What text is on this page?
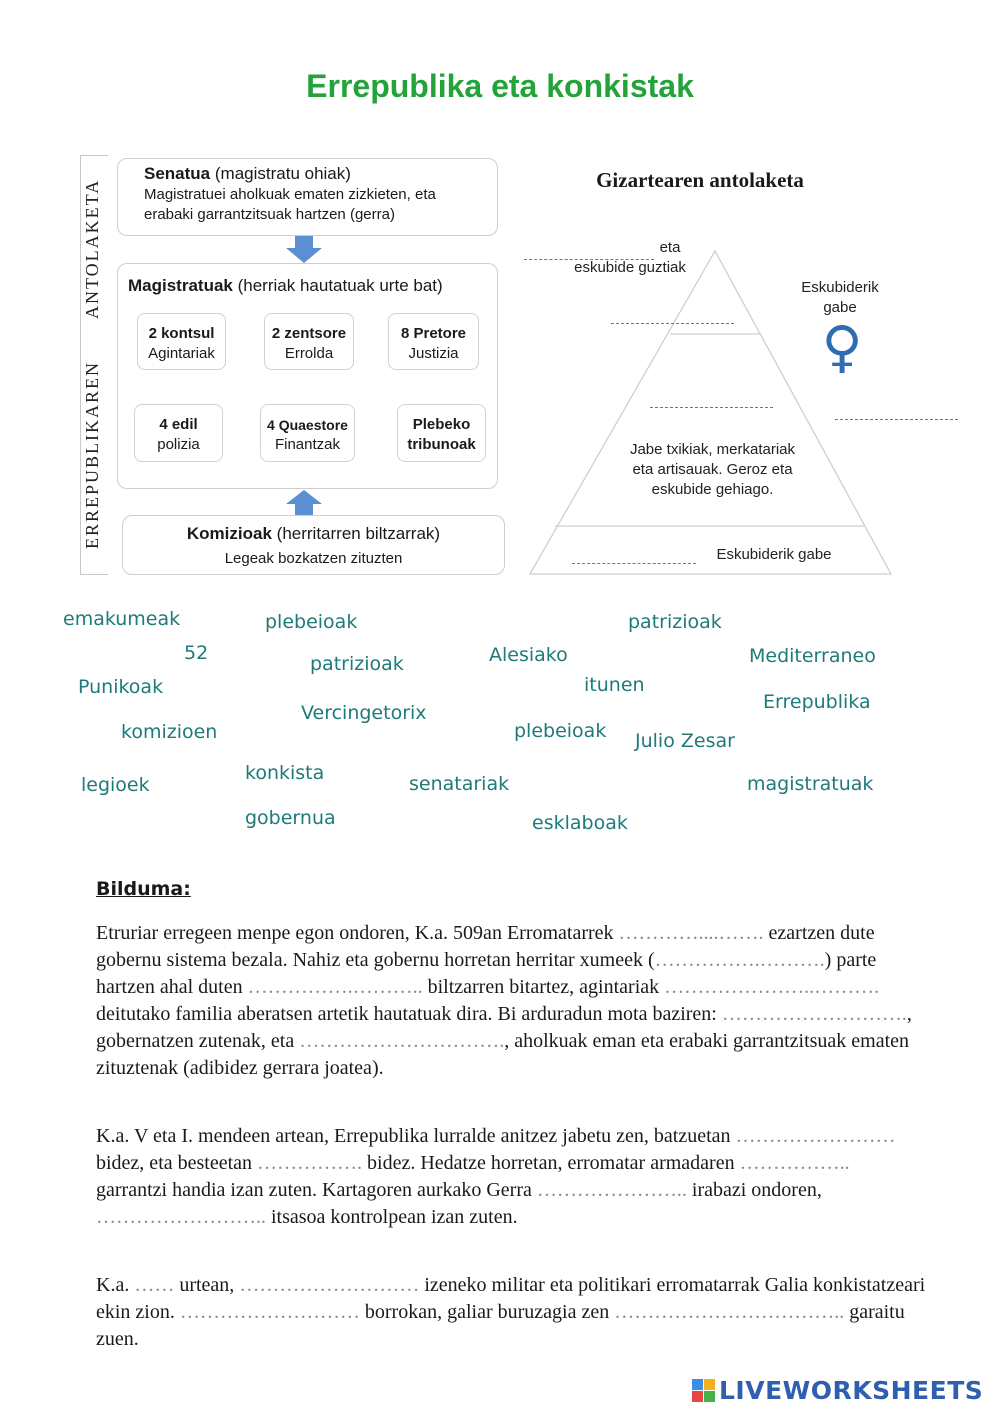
Errepublika eta konkistak
ANTOLAKETA
ERREPUBLIKAREN
Senatua (magistratu ohiak)
Magistratuei aholkuak ematen zizkieten, eta
erabaki garrantzitsuak hartzen (gerra)
Magistratuak (herriak hautatuak urte bat)
2 kontsul
Agintariak
2 zentsore
Errolda
8 Pretore
Justizia
4 edil
polizia
4 Quaestore
Finantzak
Plebeko
tribunoak
Komizioak (herritarren biltzarrak)
Legeak bozkatzen zituzten
Gizartearen antolaketa
eta
eskubide guztiak
Jabe txikiak, merkatariak
eta artisauak. Geroz eta
eskubide gehiago.
Eskubiderik gabe
Eskubiderik
gabe
♀
emakumeak	plebeioak	patrizioak
52	patrizioak	Alesiako	Mediterraneo
Punikoak	itunen
Vercingetorix	Errepublika
komizioen	plebeioak Julio Zesar
konkista
legioek	senatariak	magistratuak
gobernua	esklaboak
Bilduma:
Etruriar erregeen menpe egon ondoren, K.a. 509an Erromatarrek …………....……. ezartzen dute gobernu sistema bezala. Nahiz eta gobernu horretan herritar xumeek (…………….……….) parte hartzen ahal duten …………….……….. biltzarren bitartez, agintariak …………………..………. deitutako familia aberatsen artetik hautatuak dira. Bi arduradun mota baziren: ………………………., gobernatzen zutenak, eta …………………………., aholkuak eman eta erabaki garrantzitsuak ematen zituztenak (adibidez gerrara joatea).
K.a. V eta I. mendeen artean, Errepublika lurralde anitzez jabetu zen, batzuetan …………………… bidez, eta besteetan ……………. bidez. Hedatze horretan, erromatar armadaren …………….. garrantzi handia izan zuten. Kartagoren aurkako Gerra ………………….. irabazi ondoren, …………………….. itsasoa kontrolpean izan zuten.
K.a. …… urtean, ……………………… izeneko militar eta politikari erromatarrak Galia konkistatzeari ekin zion. ……………………… borrokan, galiar buruzagia zen …………………………….. garaitu zuen.
LIVEWORKSHEETS
